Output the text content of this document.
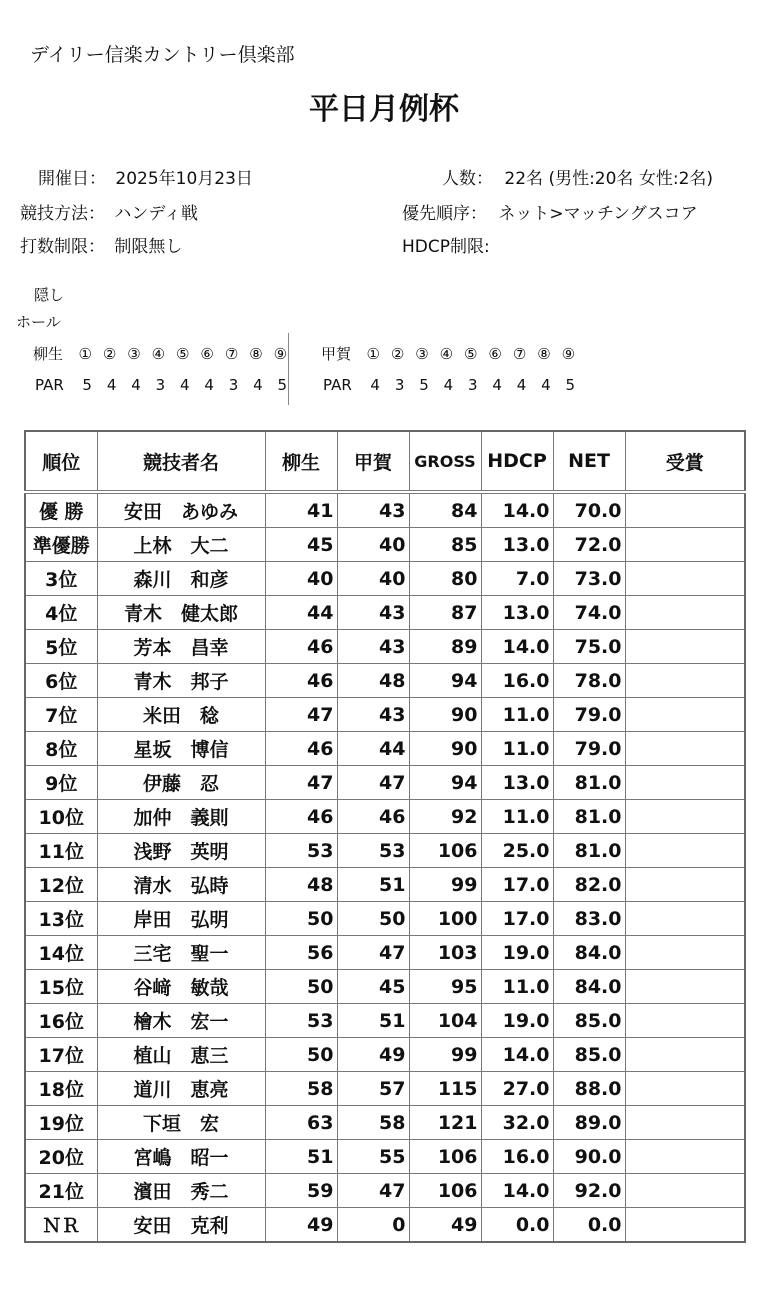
デイリー信楽カントリー倶楽部
平日月例杯
開催日： 2025年10月23日	人数： 22名 (男性:20名 女性:2名)
競技方法： ハンディ戦	優先順序： ネット>マッチングスコア
打数制限： 制限無し	HDCP制限:
隠し
ホール
柳生 ① ② ③ ④ ⑤ ⑥ ⑦ ⑧ ⑨
PAR 5 4 4 3 4 4 3 4 5
甲賀 ① ② ③ ④ ⑤ ⑥ ⑦ ⑧ ⑨
PAR 4 3 5 4 3 4 4 4 5
順位	競技者名	柳生	甲賀	GROSS	HDCP	NET	受賞
優 勝	安田　あゆみ	41	43	84	14.0	70.0	
準優勝	上林　大二	45	40	85	13.0	72.0	
3位	森川　和彦	40	40	80	7.0	73.0	
4位	青木　健太郎	44	43	87	13.0	74.0	
5位	芳本　昌幸	46	43	89	14.0	75.0	
6位	青木　邦子	46	48	94	16.0	78.0	
7位	米田　稔	47	43	90	11.0	79.0	
8位	星坂　博信	46	44	90	11.0	79.0	
9位	伊藤　忍	47	47	94	13.0	81.0	
10位	加仲　義則	46	46	92	11.0	81.0	
11位	浅野　英明	53	53	106	25.0	81.0	
12位	清水　弘時	48	51	99	17.0	82.0	
13位	岸田　弘明	50	50	100	17.0	83.0	
14位	三宅　聖一	56	47	103	19.0	84.0	
15位	谷﨑　敏哉	50	45	95	11.0	84.0	
16位	檜木　宏一	53	51	104	19.0	85.0	
17位	植山　恵三	50	49	99	14.0	85.0	
18位	道川　恵亮	58	57	115	27.0	88.0	
19位	下垣　宏	63	58	121	32.0	89.0	
20位	宮嶋　昭一	51	55	106	16.0	90.0	
21位	濱田　秀二	59	47	106	14.0	92.0	
ＮＲ	安田　克利	49	0	49	0.0	0.0	
